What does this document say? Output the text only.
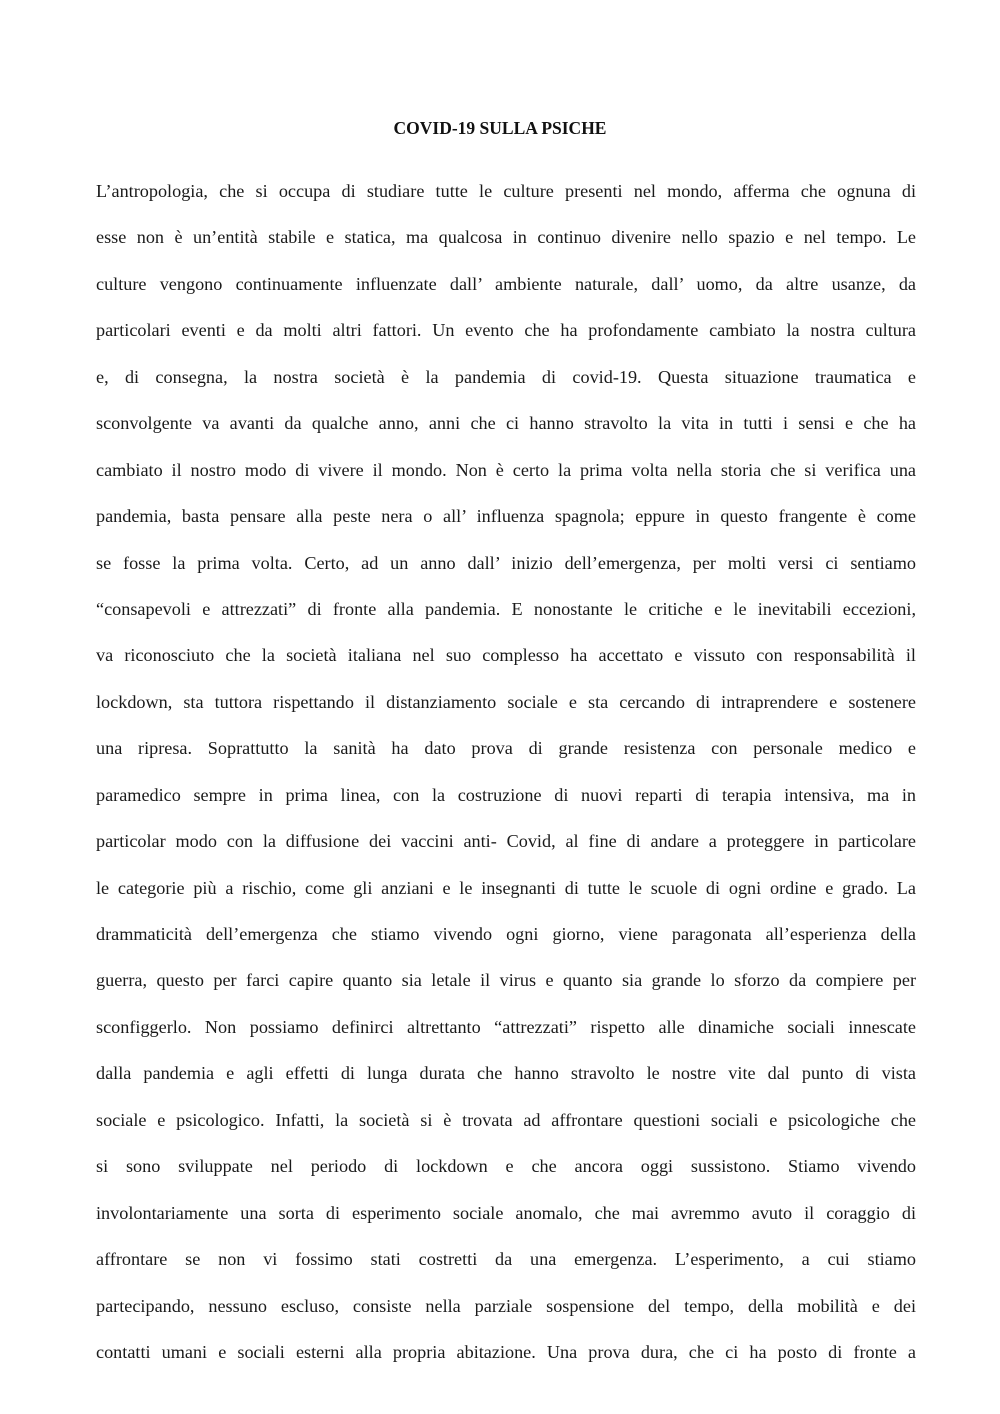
COVID-19 SULLA PSICHE
L’antropologia, che si occupa di studiare tutte le culture presenti nel mondo, afferma che ognuna di
esse non è un’entità stabile e statica, ma qualcosa in continuo divenire nello spazio e nel tempo. Le
culture vengono continuamente influenzate dall’ ambiente naturale, dall’ uomo, da altre usanze, da
particolari eventi e da molti altri fattori. Un evento che ha profondamente cambiato la nostra cultura
e, di consegna, la nostra società è la pandemia di covid-19. Questa situazione traumatica e
sconvolgente va avanti da qualche anno, anni che ci hanno stravolto la vita in tutti i sensi e che ha
cambiato il nostro modo di vivere il mondo. Non è certo la prima volta nella storia che si verifica una
pandemia, basta pensare alla peste nera o all’ influenza spagnola; eppure in questo frangente è come
se fosse la prima volta. Certo, ad un anno dall’ inizio dell’emergenza, per molti versi ci sentiamo
“consapevoli e attrezzati” di fronte alla pandemia. E nonostante le critiche e le inevitabili eccezioni,
va riconosciuto che la società italiana nel suo complesso ha accettato e vissuto con responsabilità il
lockdown, sta tuttora rispettando il distanziamento sociale e sta cercando di intraprendere e sostenere
una ripresa. Soprattutto la sanità ha dato prova di grande resistenza con personale medico e
paramedico sempre in prima linea, con la costruzione di nuovi reparti di terapia intensiva, ma in
particolar modo con la diffusione dei vaccini anti- Covid, al fine di andare a proteggere in particolare
le categorie più a rischio, come gli anziani e le insegnanti di tutte le scuole di ogni ordine e grado. La
drammaticità dell’emergenza che stiamo vivendo ogni giorno, viene paragonata all’esperienza della
guerra, questo per farci capire quanto sia letale il virus e quanto sia grande lo sforzo da compiere per
sconfiggerlo. Non possiamo definirci altrettanto “attrezzati” rispetto alle dinamiche sociali innescate
dalla pandemia e agli effetti di lunga durata che hanno stravolto le nostre vite dal punto di vista
sociale e psicologico. Infatti, la società si è trovata ad affrontare questioni sociali e psicologiche che
si sono sviluppate nel periodo di lockdown e che ancora oggi sussistono. Stiamo vivendo
involontariamente una sorta di esperimento sociale anomalo, che mai avremmo avuto il coraggio di
affrontare se non vi fossimo stati costretti da una emergenza. L’esperimento, a cui stiamo
partecipando, nessuno escluso, consiste nella parziale sospensione del tempo, della mobilità e dei
contatti umani e sociali esterni alla propria abitazione. Una prova dura, che ci ha posto di fronte a
